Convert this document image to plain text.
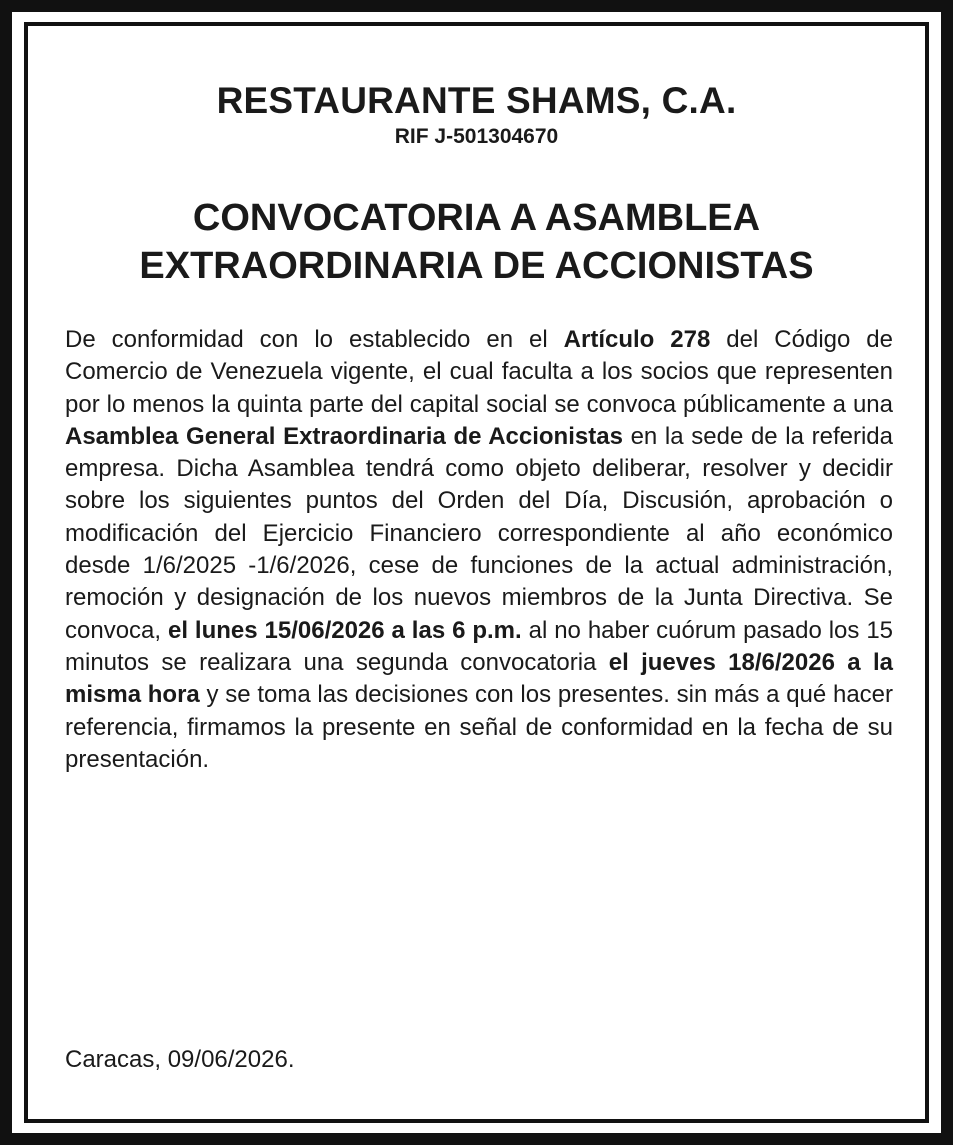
RESTAURANTE SHAMS, C.A.

RIF J-501304670

CONVOCATORIA A ASAMBLEA
EXTRAORDINARIA DE ACCIONISTAS

De conformidad con lo establecido en el Artículo 278 del Código de Comercio de Venezuela vigente, el cual faculta a los socios que representen por lo menos la quinta parte del capital social se convoca públicamente a una Asamblea General Extraordinaria de Accionistas en la sede de la referida empresa. Dicha Asamblea tendrá como objeto deliberar, resolver y decidir sobre los siguientes puntos del Orden del Día, Discusión, aprobación o modificación del Ejercicio Financiero correspondiente al año económico desde 1/6/2025 -1/6/2026, cese de funciones de la actual administración, remoción y designación de los nuevos miembros de la Junta Directiva. Se convoca, el lunes 15/06/2026 a las 6 p.m. al no haber cuórum pasado los 15 minutos se realizara una segunda convocatoria el jueves 18/6/2026 a la misma hora y se toma las decisiones con los presentes. sin más a qué hacer referencia, firmamos la presente en señal de conformidad en la fecha de su presentación.

Caracas, 09/06/2026.
